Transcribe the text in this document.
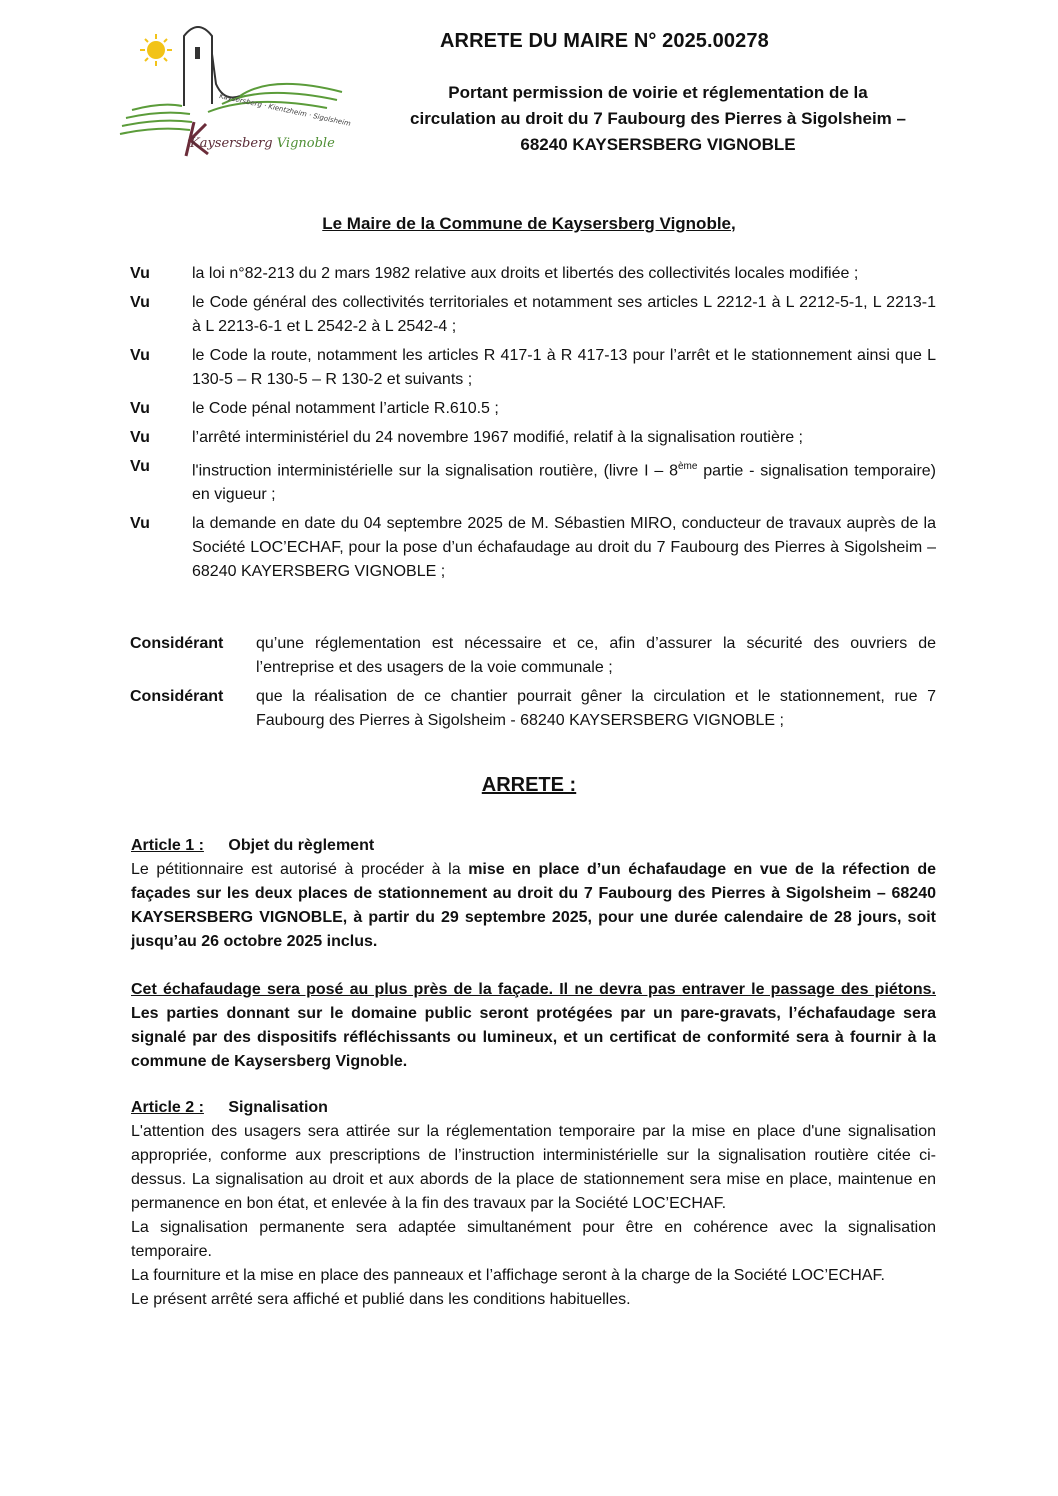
Kaysersberg · Kientzheim · Sigolsheim
Kaysersberg Vignoble
ARRETE DU MAIRE N° 2025.00278
Portant permission de voirie et réglementation de la
circulation au droit du 7 Faubourg des Pierres à Sigolsheim –
68240 KAYSERSBERG VIGNOBLE
Le Maire de la Commune de Kaysersberg Vignoble,
Vu	la loi n°82-213 du 2 mars 1982 relative aux droits et libertés des collectivités locales modifiée ;
Vu	le Code général des collectivités territoriales et notamment ses articles L 2212-1 à L 2212-5-1, L 2213-1 à L 2213-6-1 et L 2542-2 à L 2542-4 ;
Vu	le Code la route, notamment les articles R 417-1 à R 417-13 pour l’arrêt et le stationnement ainsi que L 130-5 – R 130-5 – R 130-2 et suivants ;
Vu	le Code pénal notamment l’article R.610.5 ;
Vu	l’arrêté interministériel du 24 novembre 1967 modifié, relatif à la signalisation routière ;
Vu	l'instruction interministérielle sur la signalisation routière, (livre I – 8ème partie - signalisation temporaire) en vigueur ;
Vu	la demande en date du 04 septembre 2025 de M. Sébastien MIRO, conducteur de travaux auprès de la Société LOC’ECHAF, pour la pose d’un échafaudage au droit du 7 Faubourg des Pierres à Sigolsheim – 68240 KAYERSBERG VIGNOBLE ;
Considérant qu’une réglementation est nécessaire et ce, afin d’assurer la sécurité des ouvriers de l’entreprise et des usagers de la voie communale ;
Considérant que la réalisation de ce chantier pourrait gêner la circulation et le stationnement, rue 7 Faubourg des Pierres à Sigolsheim - 68240 KAYSERSBERG VIGNOBLE ;
ARRETE :
Article 1 : Objet du règlement

Le pétitionnaire est autorisé à procéder à la mise en place d’un échafaudage en vue de la réfection de façades sur les deux places de stationnement au droit du 7 Faubourg des Pierres à Sigolsheim – 68240 KAYSERSBERG VIGNOBLE, à partir du 29 septembre 2025, pour une durée calendaire de 28 jours, soit jusqu’au 26 octobre 2025 inclus.

Cet échafaudage sera posé au plus près de la façade. Il ne devra pas entraver le passage des piétons. Les parties donnant sur le domaine public seront protégées par un pare-gravats, l’échafaudage sera signalé par des dispositifs réfléchissants ou lumineux, et un certificat de conformité sera à fournir à la commune de Kaysersberg Vignoble.

Article 2 : Signalisation

L'attention des usagers sera attirée sur la réglementation temporaire par la mise en place d'une signalisation appropriée, conforme aux prescriptions de l’instruction interministérielle sur la signalisation routière citée ci-dessus. La signalisation au droit et aux abords de la place de stationnement sera mise en place, maintenue en permanence en bon état, et enlevée à la fin des travaux par la Société LOC’ECHAF.

La signalisation permanente sera adaptée simultanément pour être en cohérence avec la signalisation temporaire.

La fourniture et la mise en place des panneaux et l’affichage seront à la charge de la Société LOC’ECHAF.

Le présent arrêté sera affiché et publié dans les conditions habituelles.
